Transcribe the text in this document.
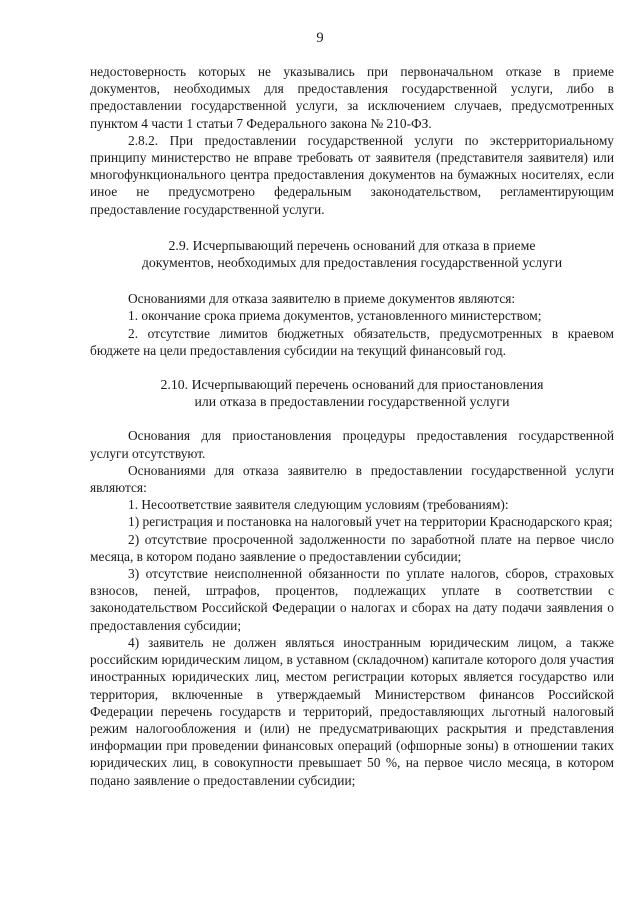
9

недостоверность которых не указывались при первоначальном отказе в приеме документов, необходимых для предоставления государственной услуги, либо в предоставлении государственной услуги, за исключением случаев, предусмотренных пунктом 4 части 1 статьи 7 Федерального закона № 210-ФЗ.

2.8.2. При предоставлении государственной услуги по экстерриториальному принципу министерство не вправе требовать от заявителя (представителя заявителя) или многофункционального центра предоставления документов на бумажных носителях, если иное не предусмотрено федеральным законодательством, регламентирующим предоставление государственной услуги.

2.9. Исчерпывающий перечень оснований для отказа в приеме документов, необходимых для предоставления государственной услуги

Основаниями для отказа заявителю в приеме документов являются:

1. окончание срока приема документов, установленного министерством;

2. отсутствие лимитов бюджетных обязательств, предусмотренных в краевом бюджете на цели предоставления субсидии на текущий финансовый год.

2.10. Исчерпывающий перечень оснований для приостановления или отказа в предоставлении государственной услуги

Основания для приостановления процедуры предоставления государственной услуги отсутствуют.

Основаниями для отказа заявителю в предоставлении государственной услуги являются:

1. Несоответствие заявителя следующим условиям (требованиям):

1) регистрация и постановка на налоговый учет на территории Краснодарского края;

2) отсутствие просроченной задолженности по заработной плате на первое число месяца, в котором подано заявление о предоставлении субсидии;

3) отсутствие неисполненной обязанности по уплате налогов, сборов, страховых взносов, пеней, штрафов, процентов, подлежащих уплате в соответствии с законодательством Российской Федерации о налогах и сборах на дату подачи заявления о предоставления субсидии;

4) заявитель не должен являться иностранным юридическим лицом, а также российским юридическим лицом, в уставном (складочном) капитале которого доля участия иностранных юридических лиц, местом регистрации которых является государство или территория, включенные в утверждаемый Министерством финансов Российской Федерации перечень государств и территорий, предоставляющих льготный налоговый режим налогообложения и (или) не предусматривающих раскрытия и представления информации при проведении финансовых операций (офшорные зоны) в отношении таких юридических лиц, в совокупности превышает 50 %, на первое число месяца, в котором подано заявление о предоставлении субсидии;
